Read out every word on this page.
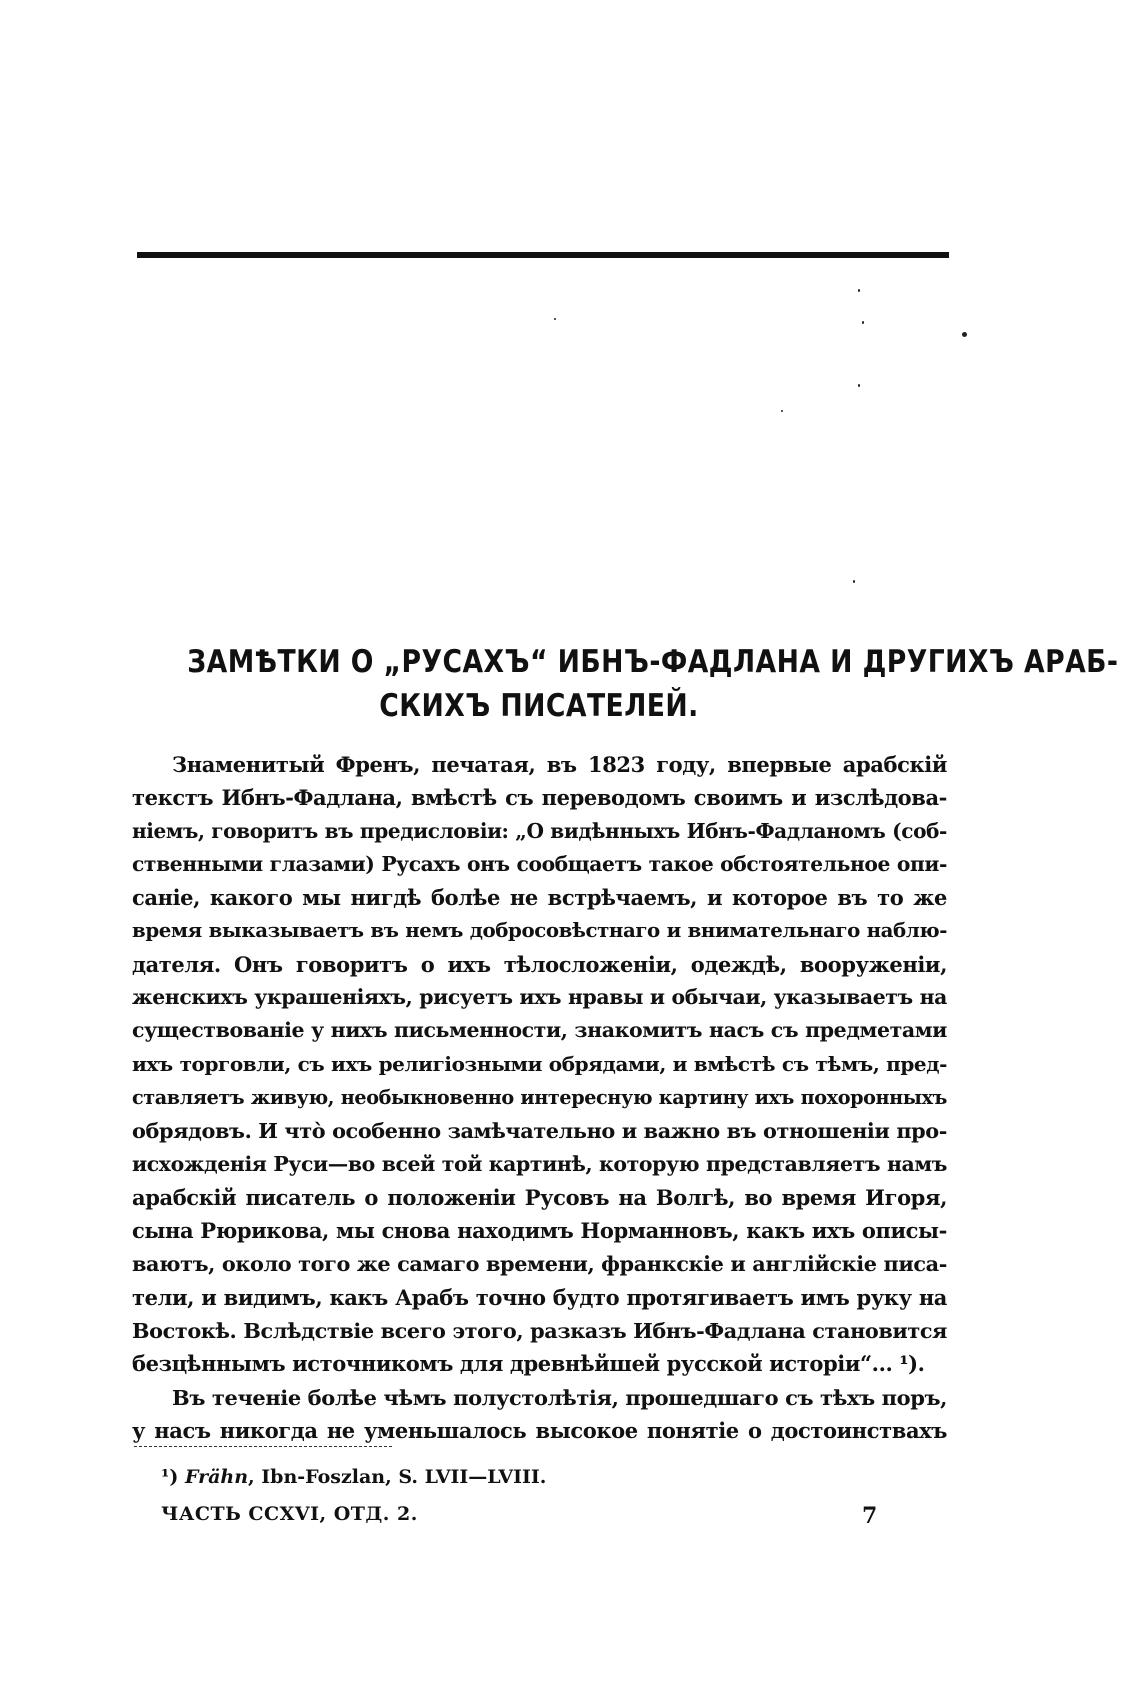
ЗАМѢТКИ О „РУСАХЪ“ ИБНЪ-ФАДЛАНА И ДРУГИХЪ АРАБ-
СКИХЪ ПИСАТЕЛЕЙ.
Знаменитый Френъ, печатая, въ 1823 году, впервые арабскій
текстъ Ибнъ-Фадлана, вмѣстѣ съ переводомъ своимъ и изслѣдова-
ніемъ, говоритъ въ предисловіи: „О видѣнныхъ Ибнъ-Фадланомъ (соб-
ственными глазами) Русахъ онъ сообщаетъ такое обстоятельное опи-
саніе, какого мы нигдѣ болѣе не встрѣчаемъ, и которое въ то же
время выказываетъ въ немъ добросовѣстнаго и внимательнаго наблю-
дателя. Онъ говоритъ о ихъ тѣлосложеніи, одеждѣ, вооруженіи,
женскихъ украшеніяхъ, рисуетъ ихъ нравы и обычаи, указываетъ на
существованіе у нихъ письменности, знакомитъ насъ съ предметами
ихъ торговли, съ ихъ религіозными обрядами, и вмѣстѣ съ тѣмъ, пред-
ставляетъ живую, необыкновенно интересную картину ихъ похоронныхъ
обрядовъ. И что̀ особенно замѣчательно и важно въ отношеніи про-
исхожденія Руси—во всей той картинѣ, которую представляетъ намъ
арабскій писатель о положеніи Русовъ на Волгѣ, во время Игоря,
сына Рюрикова, мы снова находимъ Норманновъ, какъ ихъ описы-
ваютъ, около того же самаго времени, франкскіе и англійскіе писа-
тели, и видимъ, какъ Арабъ точно будто протягиваетъ имъ руку на
Востокѣ. Вслѣдствіе всего этого, разказъ Ибнъ-Фадлана становится
безцѣннымъ источникомъ для древнѣйшей русской исторіи“... ¹).
Въ теченіе болѣе чѣмъ полустолѣтія, прошедшаго съ тѣхъ поръ,
у насъ никогда не уменьшалось высокое понятіе о достоинствахъ

¹) Frähn, Ibn-Foszlan, S. LVII—LVIII.

ЧАСТЬ CCXVI, ОТД. 2.	7
